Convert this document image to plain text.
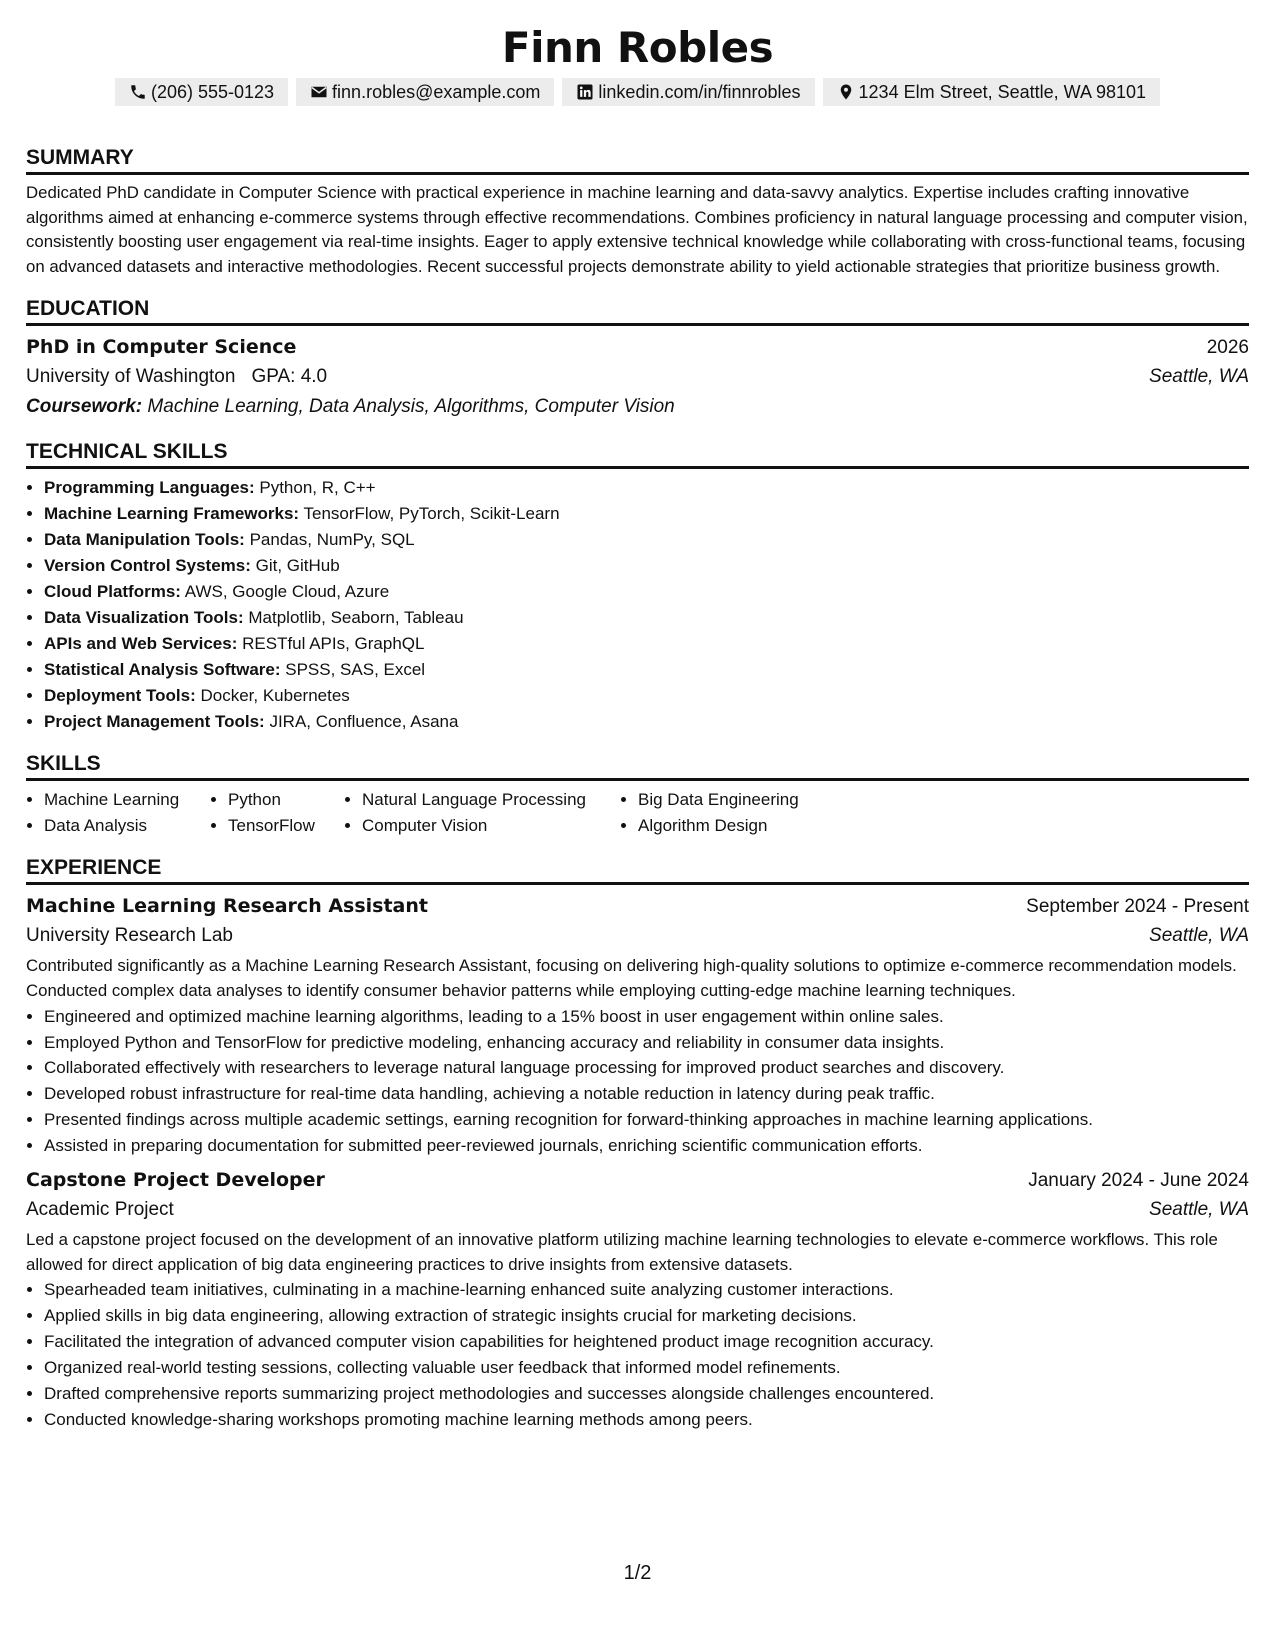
Finn Robles
(206) 555-0123	finn.robles@example.com	linkedin.com/in/finnrobles	1234 Elm Street, Seattle, WA 98101
SUMMARY

Dedicated PhD candidate in Computer Science with practical experience in machine learning and data-savvy analytics. Expertise includes crafting innovative algorithms aimed at enhancing e-commerce systems through effective recommendations. Combines proficiency in natural language processing and computer vision, consistently boosting user engagement via real-time insights. Eager to apply extensive technical knowledge while collaborating with cross-functional teams, focusing on advanced datasets and interactive methodologies. Recent successful projects demonstrate ability to yield actionable strategies that prioritize business growth.

EDUCATION
PhD in Computer Science	2026
University of Washington GPA: 4.0	Seattle, WA
Coursework: Machine Learning, Data Analysis, Algorithms, Computer Vision
TECHNICAL SKILLS
• Programming Languages: Python, R, C++
• Machine Learning Frameworks: TensorFlow, PyTorch, Scikit-Learn
• Data Manipulation Tools: Pandas, NumPy, SQL
• Version Control Systems: Git, GitHub
• Cloud Platforms: AWS, Google Cloud, Azure
• Data Visualization Tools: Matplotlib, Seaborn, Tableau
• APIs and Web Services: RESTful APIs, GraphQL
• Statistical Analysis Software: SPSS, SAS, Excel
• Deployment Tools: Docker, Kubernetes
• Project Management Tools: JIRA, Confluence, Asana
SKILLS
• Machine Learning
• Data Analysis
• Python
• TensorFlow
• Natural Language Processing
• Computer Vision
• Big Data Engineering
• Algorithm Design
EXPERIENCE
Machine Learning Research Assistant	September 2024 - Present
University Research Lab	Seattle, WA

Contributed significantly as a Machine Learning Research Assistant, focusing on delivering high-quality solutions to optimize e-commerce recommendation models. Conducted complex data analyses to identify consumer behavior patterns while employing cutting-edge machine learning techniques.

• Engineered and optimized machine learning algorithms, leading to a 15% boost in user engagement within online sales.
• Employed Python and TensorFlow for predictive modeling, enhancing accuracy and reliability in consumer data insights.
• Collaborated effectively with researchers to leverage natural language processing for improved product searches and discovery.
• Developed robust infrastructure for real-time data handling, achieving a notable reduction in latency during peak traffic.
• Presented findings across multiple academic settings, earning recognition for forward-thinking approaches in machine learning applications.
• Assisted in preparing documentation for submitted peer-reviewed journals, enriching scientific communication efforts.
Capstone Project Developer	January 2024 - June 2024
Academic Project	Seattle, WA

Led a capstone project focused on the development of an innovative platform utilizing machine learning technologies to elevate e-commerce workflows. This role allowed for direct application of big data engineering practices to drive insights from extensive datasets.

• Spearheaded team initiatives, culminating in a machine-learning enhanced suite analyzing customer interactions.
• Applied skills in big data engineering, allowing extraction of strategic insights crucial for marketing decisions.
• Facilitated the integration of advanced computer vision capabilities for heightened product image recognition accuracy.
• Organized real-world testing sessions, collecting valuable user feedback that informed model refinements.
• Drafted comprehensive reports summarizing project methodologies and successes alongside challenges encountered.
• Conducted knowledge-sharing workshops promoting machine learning methods among peers.
1/2
